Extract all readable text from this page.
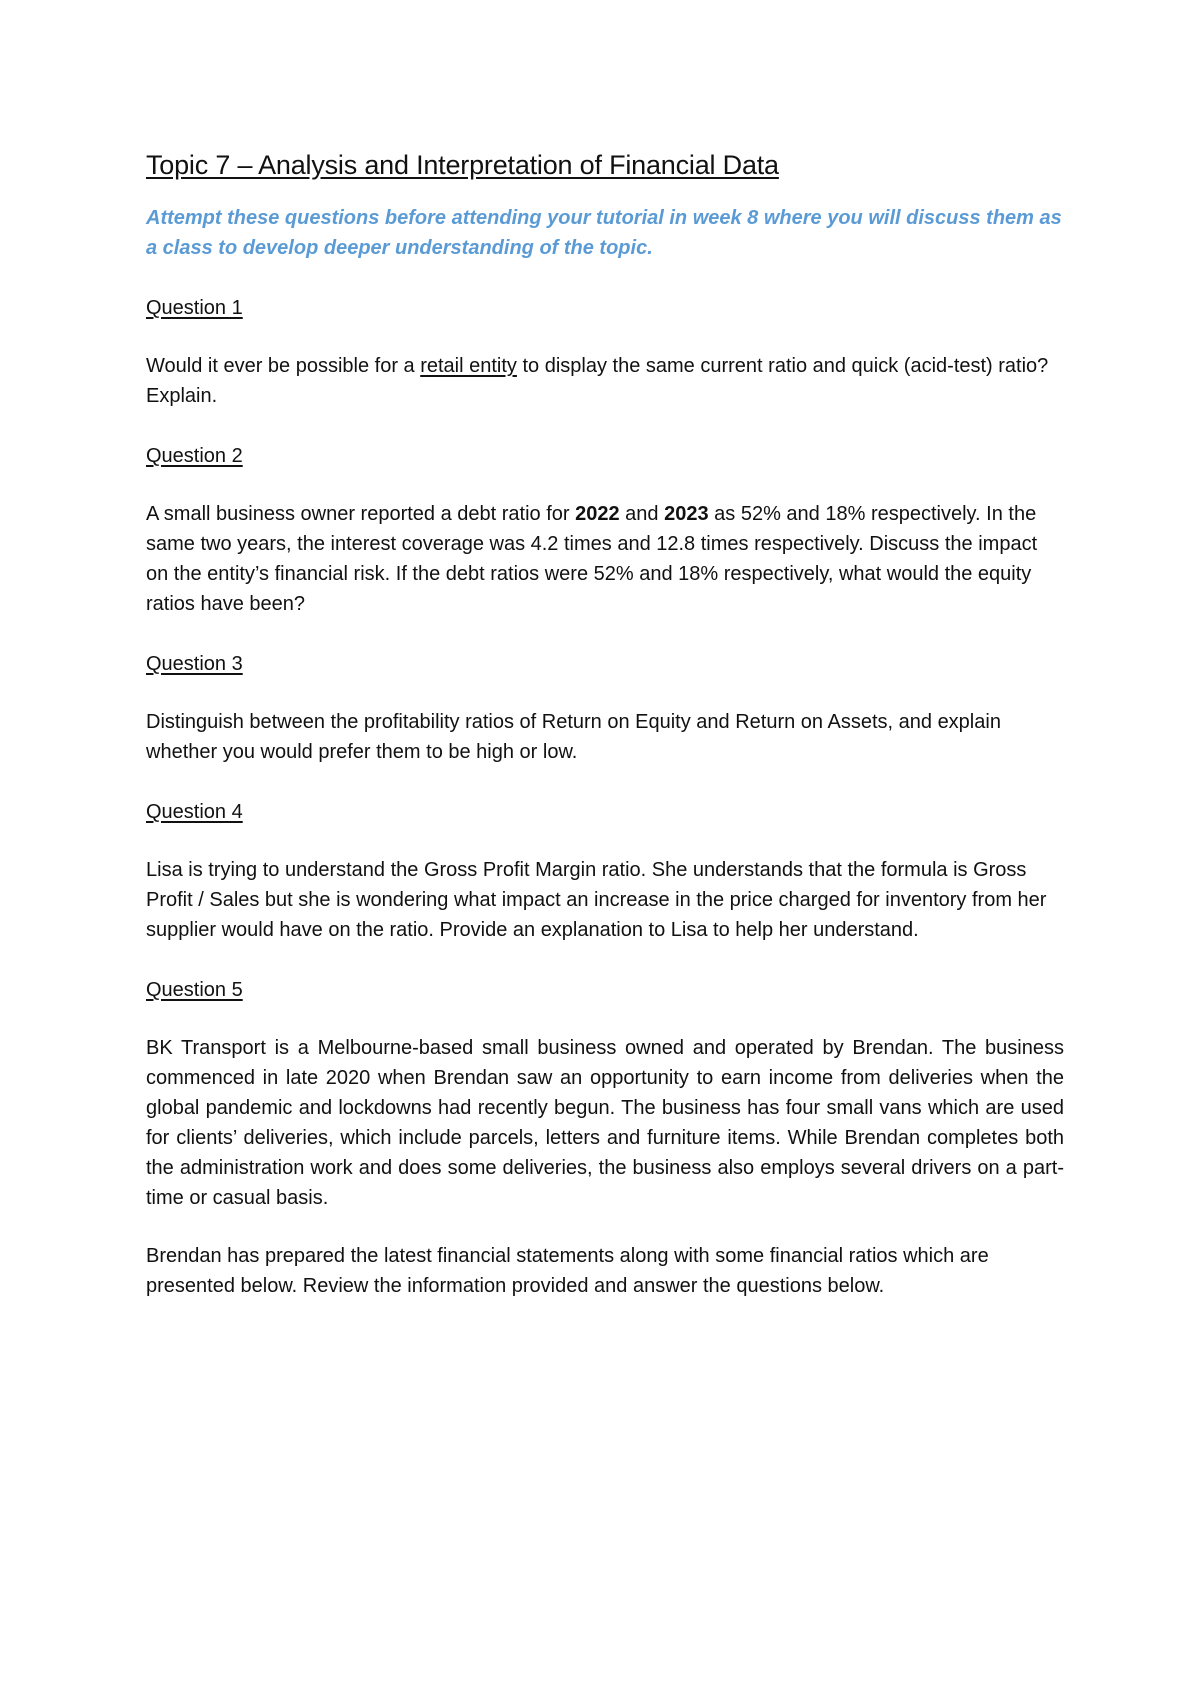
Topic 7 – Analysis and Interpretation of Financial Data

Attempt these questions before attending your tutorial in week 8 where you will discuss them as a class to develop deeper understanding of the topic.

Question 1

Would it ever be possible for a retail entity to display the same current ratio and quick (acid-test) ratio? Explain.

Question 2

A small business owner reported a debt ratio for 2022 and 2023 as 52% and 18% respectively. In the same two years, the interest coverage was 4.2 times and 12.8 times respectively. Discuss the impact on the entity’s financial risk. If the debt ratios were 52% and 18% respectively, what would the equity ratios have been?

Question 3

Distinguish between the profitability ratios of Return on Equity and Return on Assets, and explain whether you would prefer them to be high or low.

Question 4

Lisa is trying to understand the Gross Profit Margin ratio. She understands that the formula is Gross Profit / Sales but she is wondering what impact an increase in the price charged for inventory from her supplier would have on the ratio. Provide an explanation to Lisa to help her understand.

Question 5

BK Transport is a Melbourne-based small business owned and operated by Brendan. The business commenced in late 2020 when Brendan saw an opportunity to earn income from deliveries when the global pandemic and lockdowns had recently begun. The business has four small vans which are used for clients’ deliveries, which include parcels, letters and furniture items. While Brendan completes both the administration work and does some deliveries, the business also employs several drivers on a part-time or casual basis.

Brendan has prepared the latest financial statements along with some financial ratios which are presented below. Review the information provided and answer the questions below.
